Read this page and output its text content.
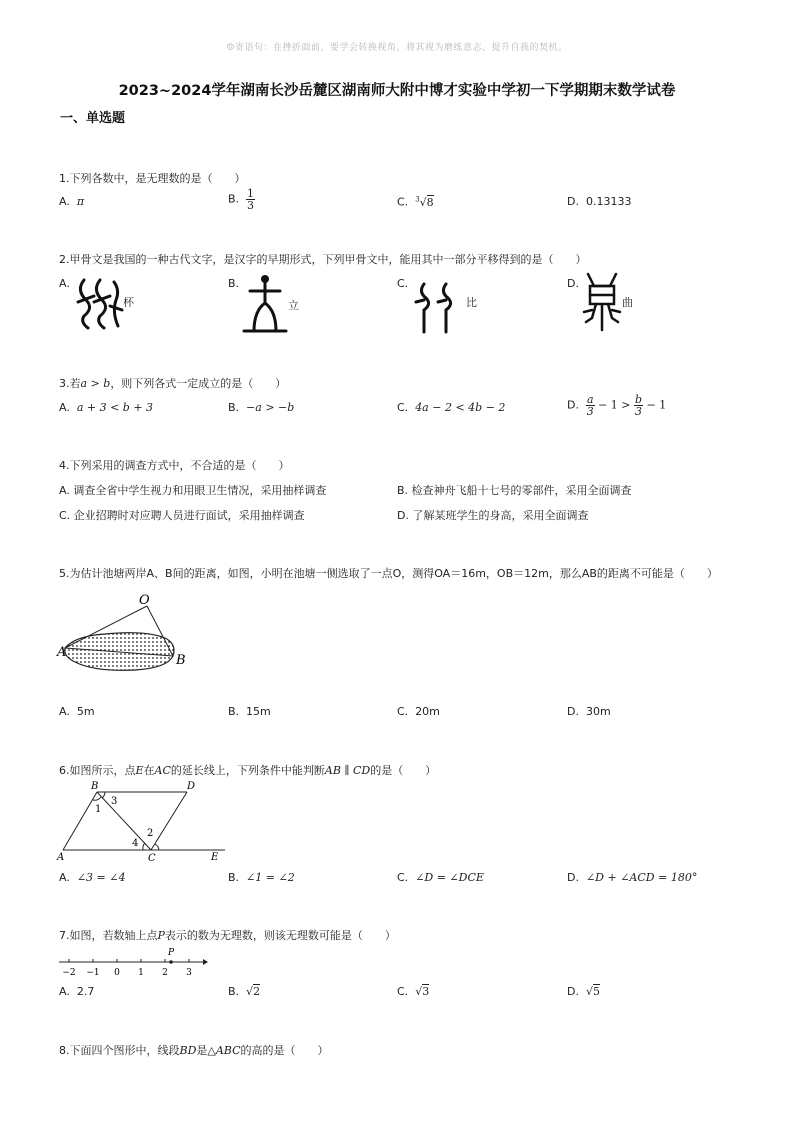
☺寄语句：在挫折面前，要学会转换视角，将其视为磨练意志、提升自我的契机。
2023~2024学年湖南长沙岳麓区湖南师大附中博才实验中学初一下学期期末数学试卷
一、单选题
1.下列各数中，是无理数的是（　　）
A. π	B. $\frac{1}{3}$	C. $^3$√8	D. 0.13133
2.甲骨文是我国的一种古代文字，是汉字的早期形式，下列甲骨文中，能用其中一部分平移得到的是（　　）
A.
杯
B.
立
C.
比
D.
曲
3.若a > b，则下列各式一定成立的是（　　）
A. a + 3 < b + 3	B. −a > −b	C. 4a − 2 < 4b − 2	D. $\frac{a}{3} - 1 > \frac{b}{3} - 1$
4.下列采用的调查方式中，不合适的是（　　）
A. 调查全省中学生视力和用眼卫生情况，采用抽样调查	B. 检查神舟飞船十七号的零部件，采用全面调查
C. 企业招聘时对应聘人员进行面试，采用抽样调查	D. 了解某班学生的身高，采用全面调查
5.为估计池塘两岸A、B间的距离，如图，小明在池塘一侧选取了一点O，测得OA＝16m，OB＝12m，那么AB的距离不可能是（　　）
O
A
B
A. 5m	B. 15m	C. 20m	D. 30m
6.如图所示，点E在AC的延长线上，下列条件中能判断AB ∥ CD的是（　　）
A
B
C
D
E
1
2
3
4
A. ∠3 = ∠4	B. ∠1 = ∠2	C. ∠D = ∠DCE	D. ∠D + ∠ACD = 180°
7.如图，若数轴上点P表示的数为无理数，则该无理数可能是（　　）
−2 −1 0 1 2 3
P
A. 2.7	B. √2	C. √3	D. √5
8.下面四个图形中，线段BD是△ABC的高的是（　　）
